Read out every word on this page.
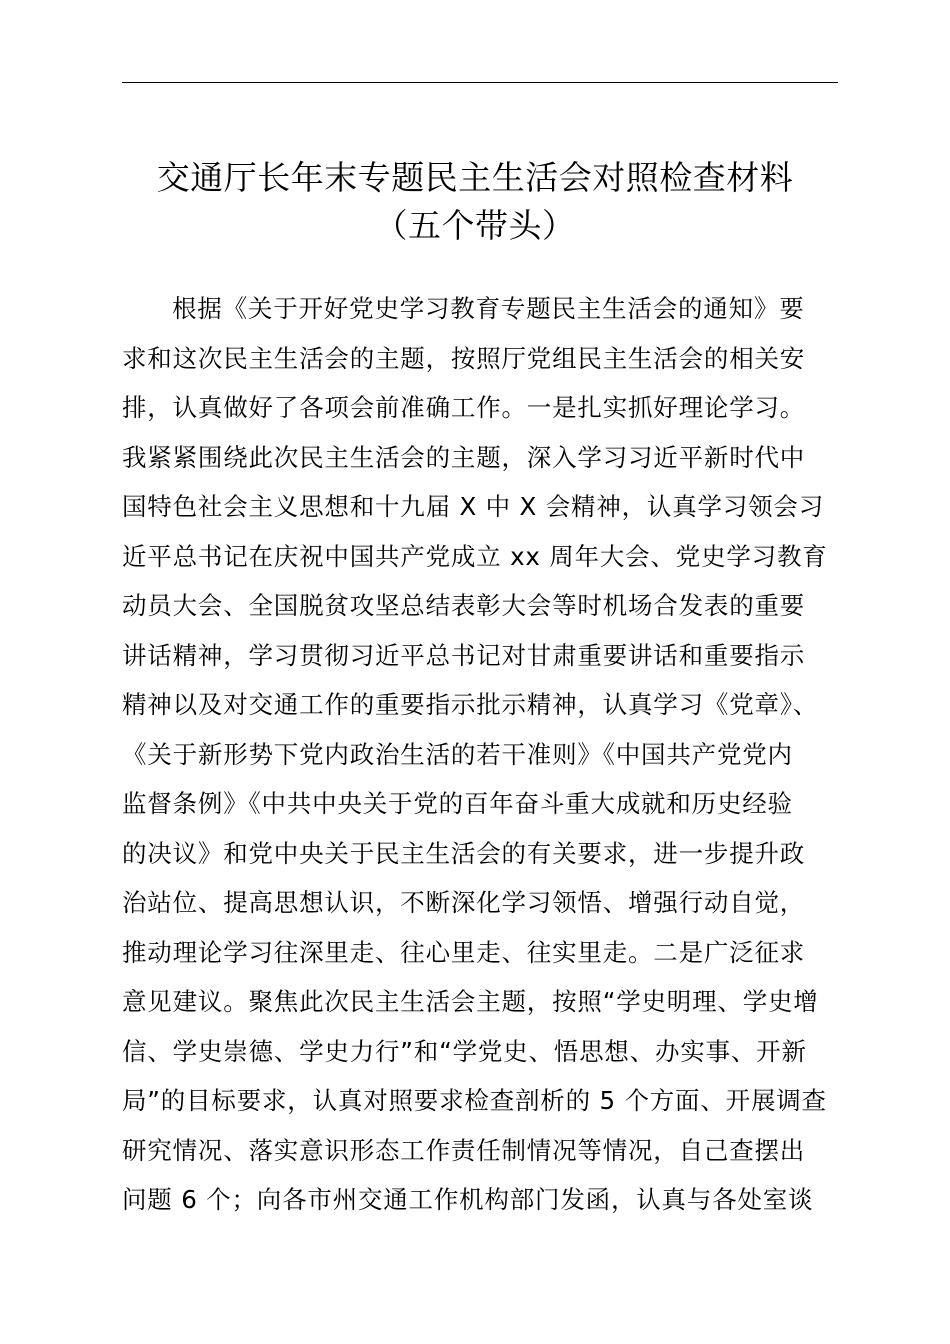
交通厅长年末专题民主生活会对照检查材料
（五个带头）
根据《关于开好党史学习教育专题民主生活会的通知》要
求和这次民主生活会的主题，按照厅党组民主生活会的相关安
排，认真做好了各项会前准确工作。一是扎实抓好理论学习。
我紧紧围绕此次民主生活会的主题，深入学习习近平新时代中
国特色社会主义思想和十九届 X 中 X 会精神，认真学习领会习
近平总书记在庆祝中国共产党成立 xx 周年大会、党史学习教育
动员大会、全国脱贫攻坚总结表彰大会等时机场合发表的重要
讲话精神，学习贯彻习近平总书记对甘肃重要讲话和重要指示
精神以及对交通工作的重要指示批示精神，认真学习《党章》、
《关于新形势下党内政治生活的若干准则》《中国共产党党内
监督条例》《中共中央关于党的百年奋斗重大成就和历史经验
的决议》和党中央关于民主生活会的有关要求，进一步提升政
治站位、提高思想认识，不断深化学习领悟、增强行动自觉，
推动理论学习往深里走、往心里走、往实里走。二是广泛征求
意见建议。聚焦此次民主生活会主题，按照“学史明理、学史增
信、学史崇德、学史力行”和“学党史、悟思想、办实事、开新
局”的目标要求，认真对照要求检查剖析的 5 个方面、开展调查
研究情况、落实意识形态工作责任制情况等情况，自己查摆出
问题 6 个；向各市州交通工作机构部门发函，认真与各处室谈
